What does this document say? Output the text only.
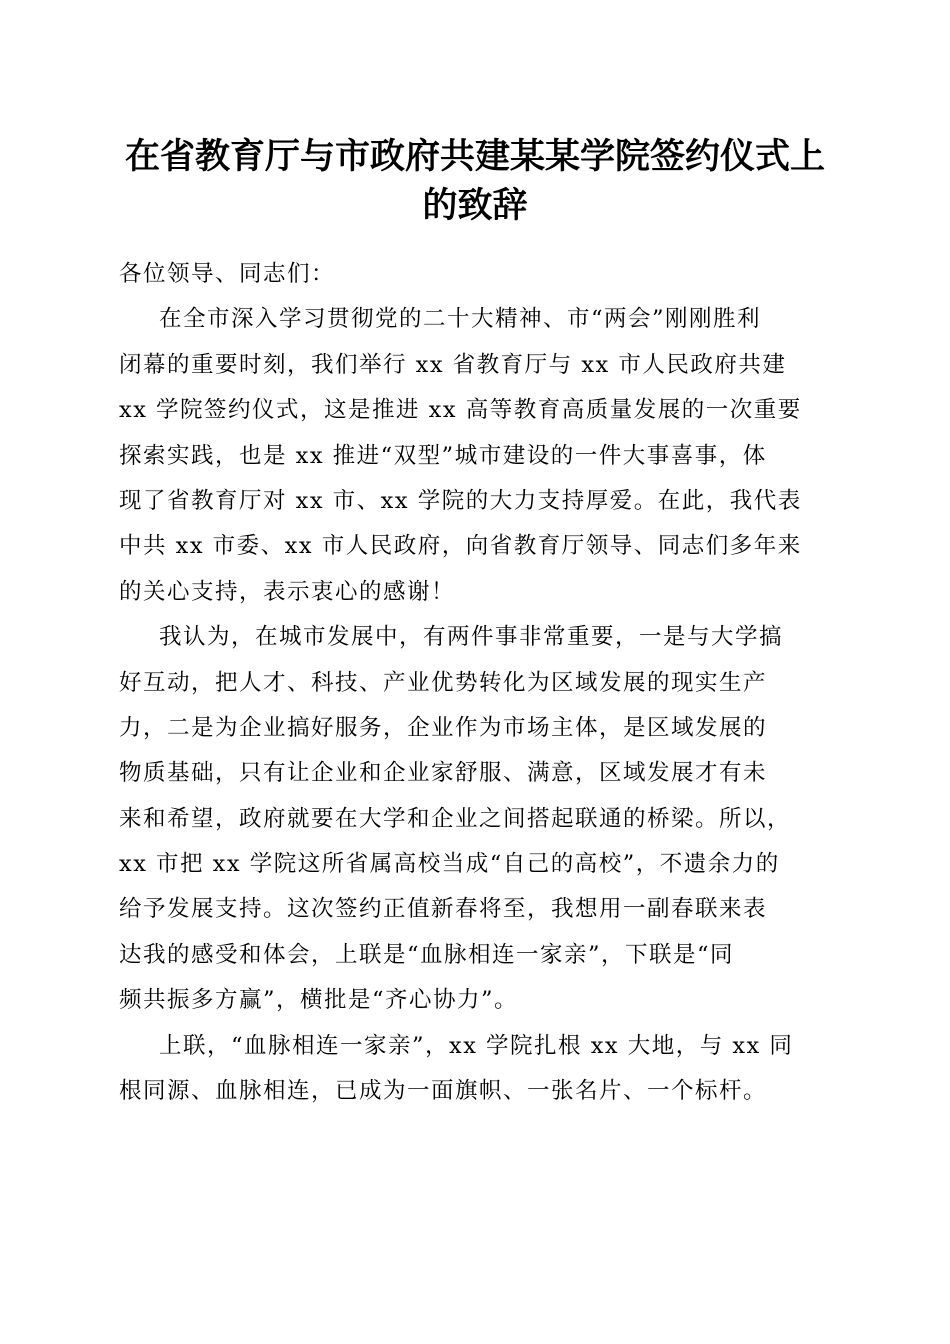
在省教育厅与市政府共建某某学院签约仪式上
的致辞
各位领导、同志们：
在全市深入学习贯彻党的二十大精神、市“两会”刚刚胜利
闭幕的重要时刻，我们举行 xx 省教育厅与 xx 市人民政府共建
xx 学院签约仪式，这是推进 xx 高等教育高质量发展的一次重要
探索实践，也是 xx 推进“双型”城市建设的一件大事喜事，体
现了省教育厅对 xx 市、xx 学院的大力支持厚爱。在此，我代表
中共 xx 市委、xx 市人民政府，向省教育厅领导、同志们多年来
的关心支持，表示衷心的感谢！
我认为，在城市发展中，有两件事非常重要，一是与大学搞
好互动，把人才、科技、产业优势转化为区域发展的现实生产
力，二是为企业搞好服务，企业作为市场主体，是区域发展的
物质基础，只有让企业和企业家舒服、满意，区域发展才有未
来和希望，政府就要在大学和企业之间搭起联通的桥梁。所以，
xx 市把 xx 学院这所省属高校当成“自己的高校”，不遗余力的
给予发展支持。这次签约正值新春将至，我想用一副春联来表
达我的感受和体会，上联是“血脉相连一家亲”，下联是“同
频共振多方赢”，横批是“齐心协力”。
上联，“血脉相连一家亲”，xx 学院扎根 xx 大地，与 xx 同
根同源、血脉相连，已成为一面旗帜、一张名片、一个标杆。
